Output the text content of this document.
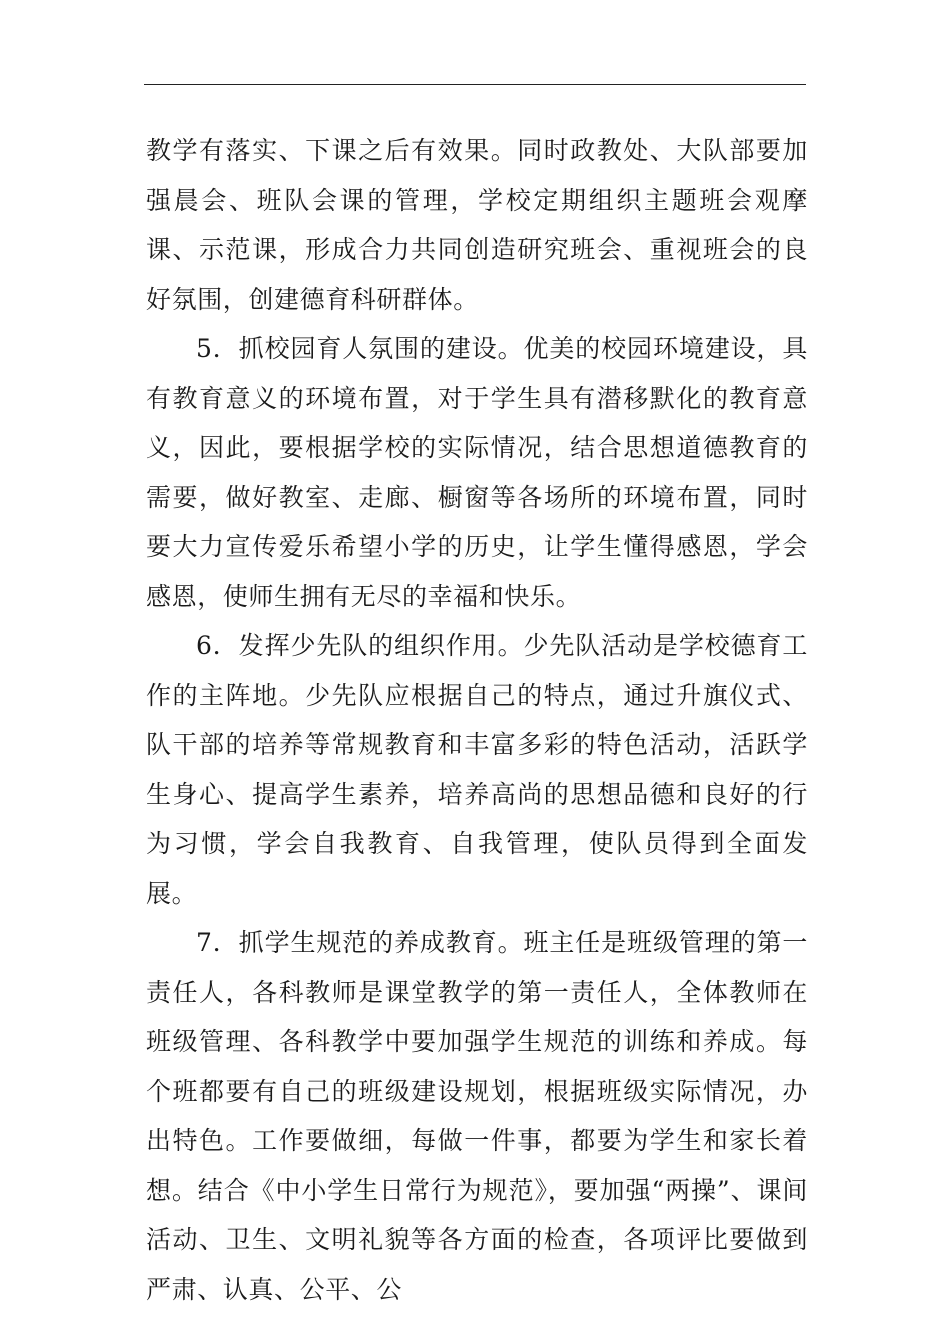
教学有落实、下课之后有效果。同时政教处、大队部要加强晨会、班队会课的管理，学校定期组织主题班会观摩课、示范课，形成合力共同创造研究班会、重视班会的良好氛围，创建德育科研群体。

5．抓校园育人氛围的建设。优美的校园环境建设，具有教育意义的环境布置，对于学生具有潜移默化的教育意义，因此，要根据学校的实际情况，结合思想道德教育的需要，做好教室、走廊、橱窗等各场所的环境布置，同时要大力宣传爱乐希望小学的历史，让学生懂得感恩，学会感恩，使师生拥有无尽的幸福和快乐。

6．发挥少先队的组织作用。少先队活动是学校德育工作的主阵地。少先队应根据自己的特点，通过升旗仪式、队干部的培养等常规教育和丰富多彩的特色活动，活跃学生身心、提高学生素养，培养高尚的思想品德和良好的行为习惯，学会自我教育、自我管理，使队员得到全面发展。

7．抓学生规范的养成教育。班主任是班级管理的第一责任人，各科教师是课堂教学的第一责任人，全体教师在班级管理、各科教学中要加强学生规范的训练和养成。每个班都要有自己的班级建设规划，根据班级实际情况，办出特色。工作要做细，每做一件事，都要为学生和家长着想。结合《中小学生日常行为规范》，要加强“两操”、课间活动、卫生、文明礼貌等各方面的检查，各项评比要做到严肃、认真、公平、公
